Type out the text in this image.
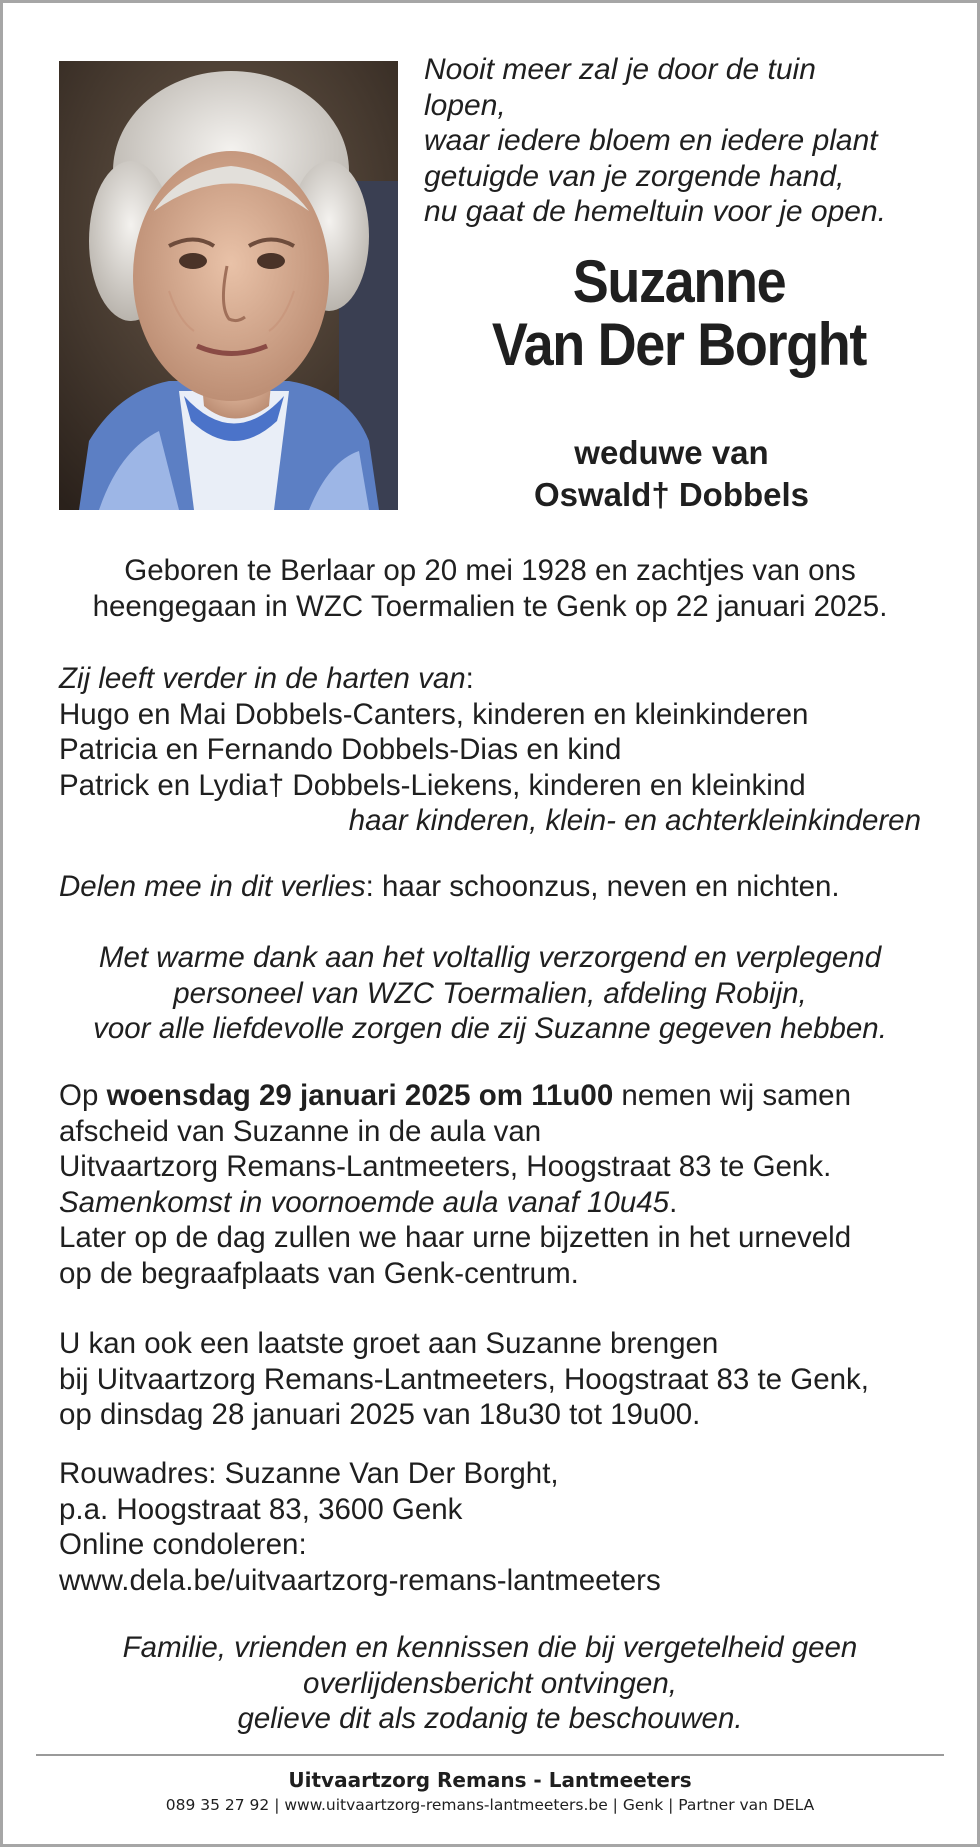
Nooit meer zal je door de tuin
lopen,
waar iedere bloem en iedere plant
getuigde van je zorgende hand,
nu gaat de hemeltuin voor je open.
Suzanne
Van Der Borght
weduwe van
Oswald† Dobbels
Geboren te Berlaar op 20 mei 1928 en zachtjes van ons
heengegaan in WZC Toermalien te Genk op 22 januari 2025.
Zij leeft verder in de harten van:
Hugo en Mai Dobbels-Canters, kinderen en kleinkinderen
Patricia en Fernando Dobbels-Dias en kind
Patrick en Lydia† Dobbels-Liekens, kinderen en kleinkind
haar kinderen, klein- en achterkleinkinderen
Delen mee in dit verlies: haar schoonzus, neven en nichten.
Met warme dank aan het voltallig verzorgend en verplegend
personeel van WZC Toermalien, afdeling Robijn,
voor alle liefdevolle zorgen die zij Suzanne gegeven hebben.
Op woensdag 29 januari 2025 om 11u00 nemen wij samen
afscheid van Suzanne in de aula van
Uitvaartzorg Remans-Lantmeeters, Hoogstraat 83 te Genk.
Samenkomst in voornoemde aula vanaf 10u45.
Later op de dag zullen we haar urne bijzetten in het urneveld
op de begraafplaats van Genk-centrum.
U kan ook een laatste groet aan Suzanne brengen
bij Uitvaartzorg Remans-Lantmeeters, Hoogstraat 83 te Genk,
op dinsdag 28 januari 2025 van 18u30 tot 19u00.
Rouwadres: Suzanne Van Der Borght,
p.a. Hoogstraat 83, 3600 Genk
Online condoleren:
www.dela.be/uitvaartzorg-remans-lantmeeters
Familie, vrienden en kennissen die bij vergetelheid geen
overlijdensbericht ontvingen,
gelieve dit als zodanig te beschouwen.
Uitvaartzorg Remans - Lantmeeters
089 35 27 92 | www.uitvaartzorg-remans-lantmeeters.be | Genk | Partner van DELA
